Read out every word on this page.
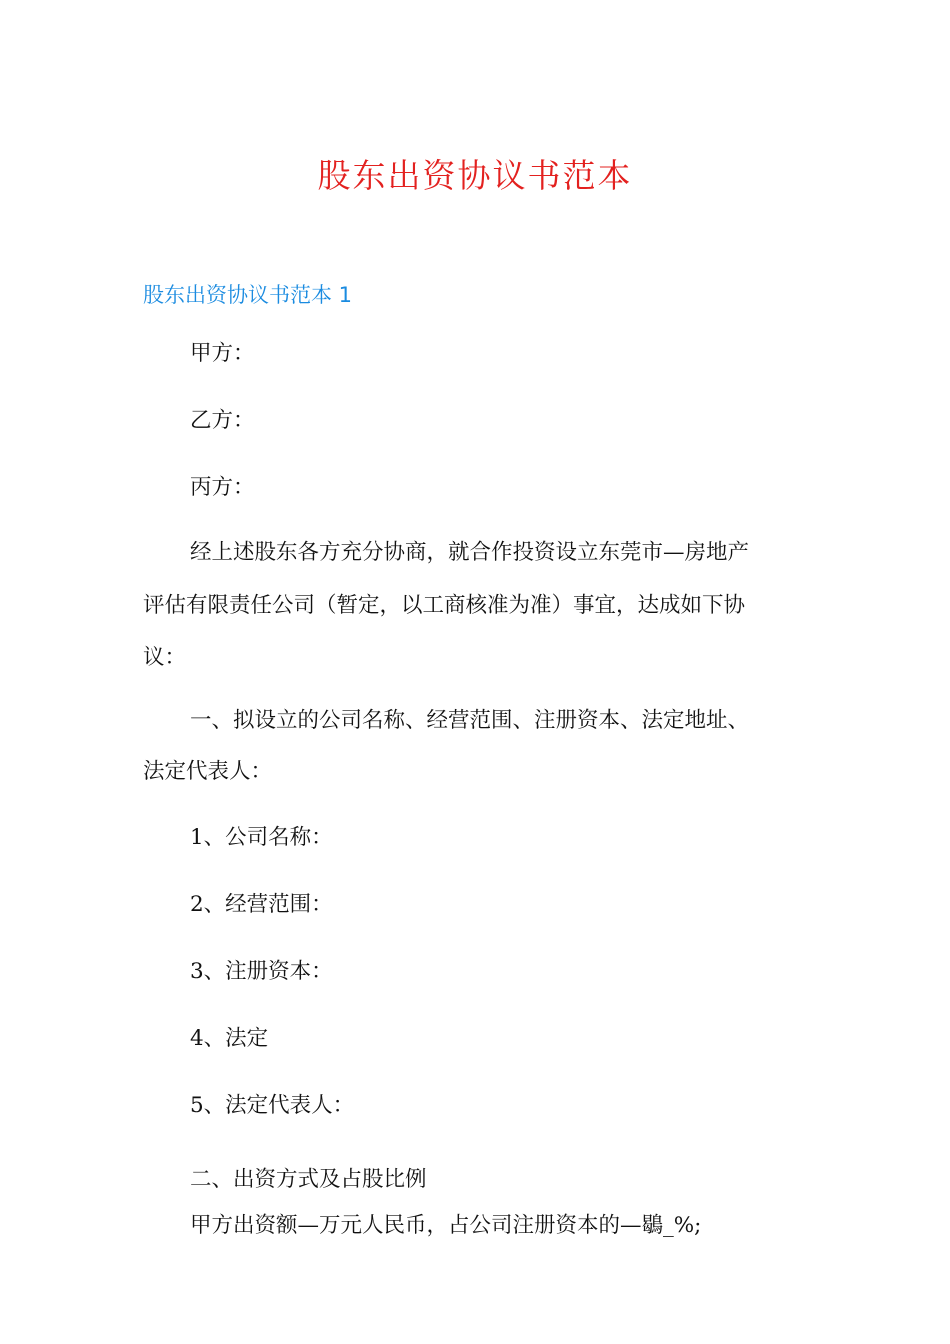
股东出资协议书范本
股东出资协议书范本 1
甲方：
乙方：
丙方：
经上述股东各方充分协商，就合作投资设立东莞市—房地产
评估有限责任公司（暂定，以工商核准为准）事宜，达成如下协
议：
一、拟设立的公司名称、经营范围、注册资本、法定地址、
法定代表人：
1、公司名称：
2、经营范围：
3、注册资本：
4、法定
5、法定代表人：
二、出资方式及占股比例
甲方出资额—万元人民币，占公司注册资本的—鶡_%;
